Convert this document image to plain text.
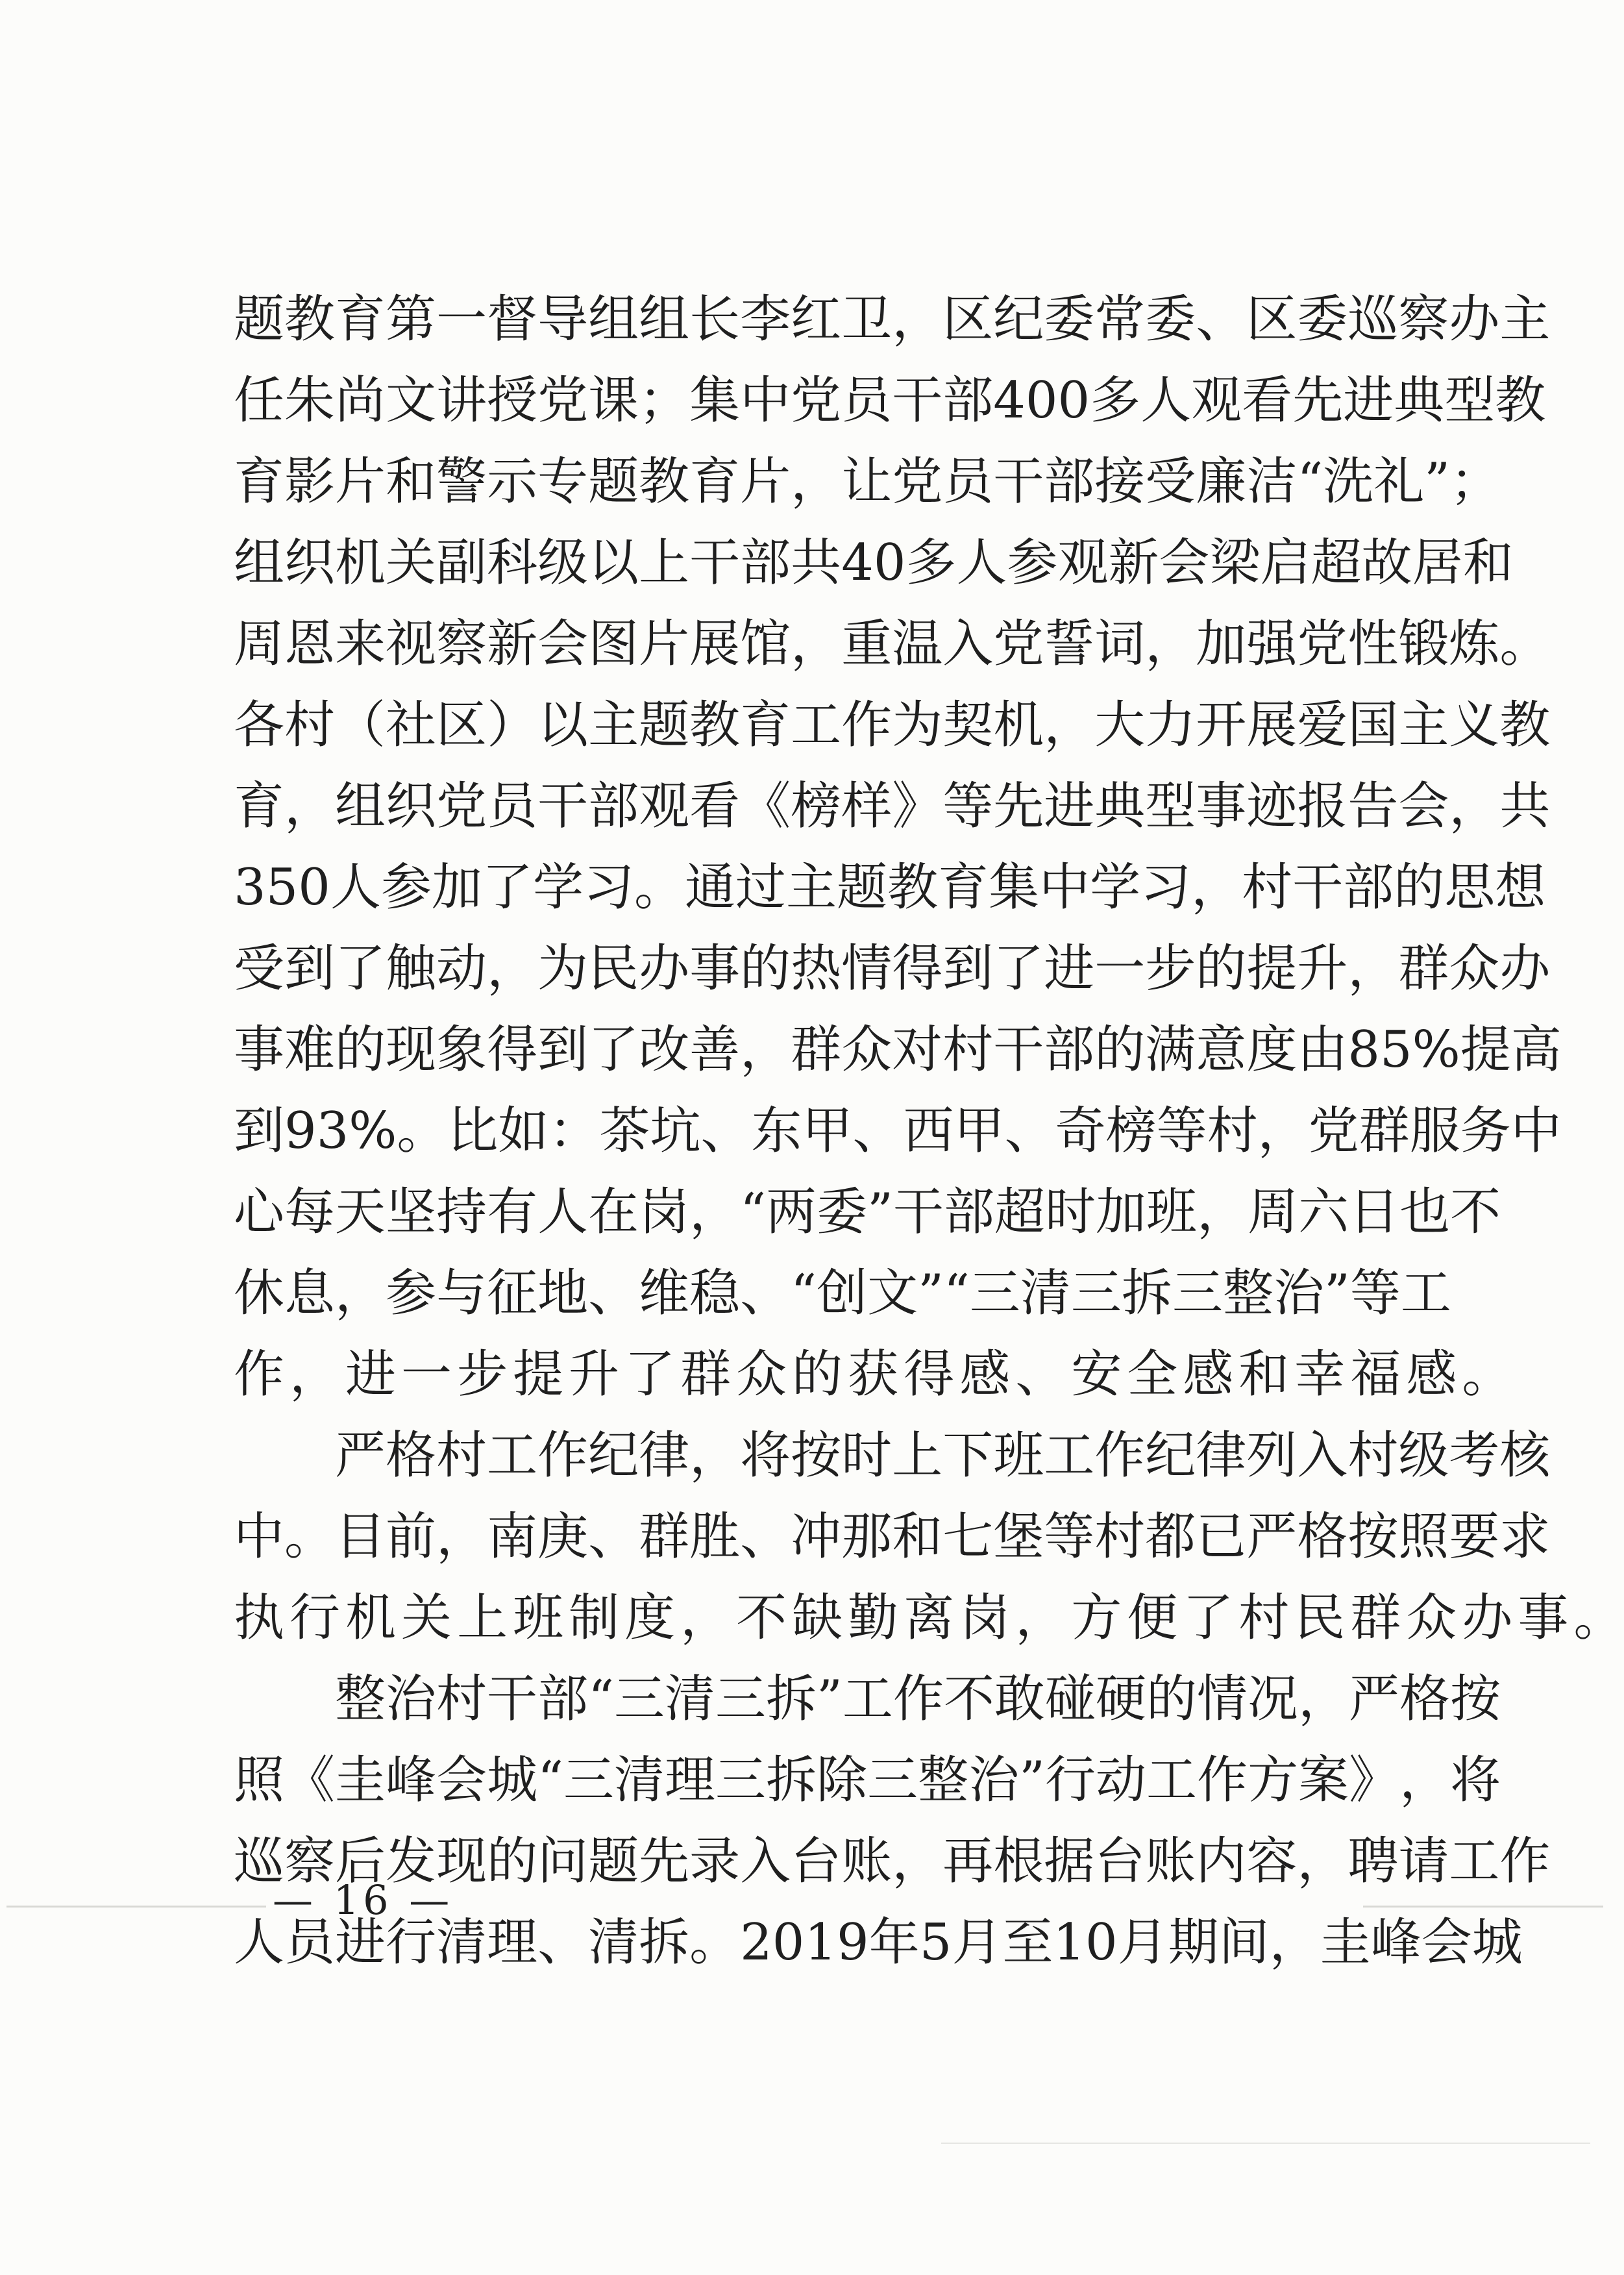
题 教 育 第 一 督 导 组 组 长 李 红 卫 ， 区 纪 委 常 委 、 区 委 巡 察 办 主
任 朱 尚 文 讲 授 党 课 ； 集 中 党 员 干 部 400 多 人 观 看 先 进 典 型 教
育 影 片 和 警 示 专 题 教 育 片 ， 让 党 员 干 部 接 受 廉 洁 “ 洗 礼 ” ；
组 织 机 关 副 科 级 以 上 干 部 共 40 多 人 参 观 新 会 梁 启 超 故 居 和
周 恩 来 视 察 新 会 图 片 展 馆 ， 重 温 入 党 誓 词 ， 加 强 党 性 锻 炼 。
各 村 （ 社 区 ） 以 主 题 教 育 工 作 为 契 机 ， 大 力 开 展 爱 国 主 义 教
育 ， 组 织 党 员 干 部 观 看 《 榜 样 》 等 先 进 典 型 事 迹 报 告 会 ， 共
350 人 参 加 了 学 习 。 通 过 主 题 教 育 集 中 学 习 ， 村 干 部 的 思 想
受 到 了 触 动 ， 为 民 办 事 的 热 情 得 到 了 进 一 步 的 提 升 ， 群 众 办
事 难 的 现 象 得 到 了 改 善 ， 群 众 对 村 干 部 的 满 意 度 由 85% 提 高
到 93% 。 比 如 ： 茶 坑 、 东 甲 、 西 甲 、 奇 榜 等 村 ， 党 群 服 务 中
心 每 天 坚 持 有 人 在 岗 ， “ 两 委 ” 干 部 超 时 加 班 ， 周 六 日 也 不
休 息 ， 参 与 征 地 、 维 稳 、 “ 创 文 ” “ 三 清 三 拆 三 整 治 ” 等 工
作 ， 进 一 步 提 升 了 群 众 的 获 得 感 、 安 全 感 和 幸 福 感 。
严 格 村 工 作 纪 律 ， 将 按 时 上 下 班 工 作 纪 律 列 入 村 级 考 核
中 。 目 前 ， 南 庚 、 群 胜 、 冲 那 和 七 堡 等 村 都 已 严 格 按 照 要 求
执 行 机 关 上 班 制 度 ， 不 缺 勤 离 岗 ， 方 便 了 村 民 群 众 办 事 。
整 治 村 干 部 “ 三 清 三 拆 ” 工 作 不 敢 碰 硬 的 情 况 ， 严 格 按
照 《 圭 峰 会 城 “ 三 清 理 三 拆 除 三 整 治 ” 行 动 工 作 方 案 》 ， 将
巡 察 后 发 现 的 问 题 先 录 入 台 账 ， 再 根 据 台 账 内 容 ， 聘 请 工 作
人 员 进 行 清 理 、 清 拆 。 2019 年 5 月 至 10 月 期 间 ， 圭 峰 会 城
— 16 —
